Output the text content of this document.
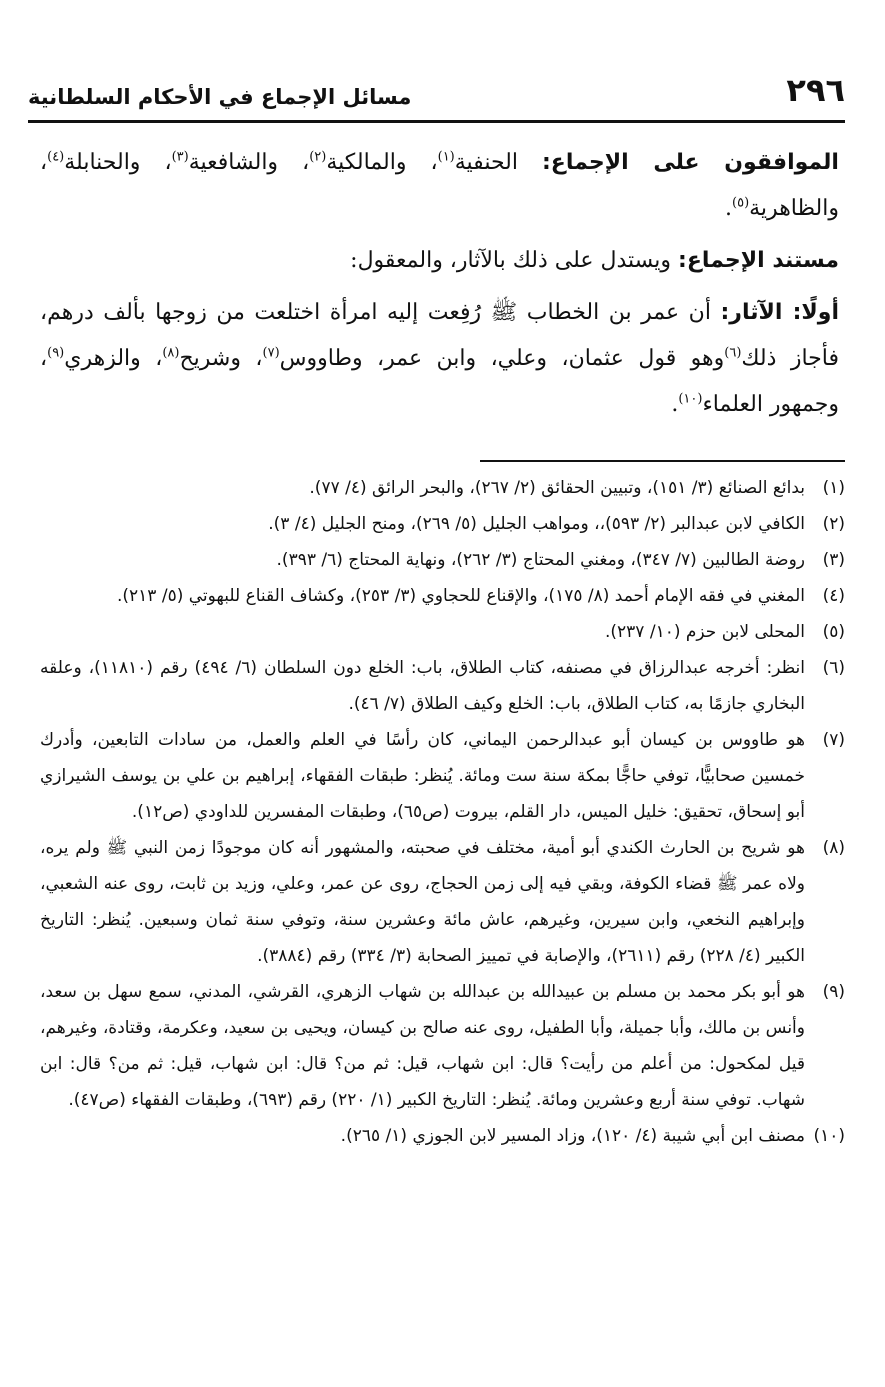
٢٩٦
مسائل الإجماع في الأحكام السلطانية

الموافقون على الإجماع: الحنفية$^{(١)}$، والمالكية$^{(٢)}$، والشافعية$^{(٣)}$، والحنابلة$^{(٤)}$، والظاهرية$^{(٥)}$.

مستند الإجماع: ويستدل على ذلك بالآثار، والمعقول:

أولًا: الآثار: أن عمر بن الخطاب ﷺ رُفِعت إليه امرأة اختلعت من زوجها بألف درهم، فأجاز ذلك$^{(٦)}$وهو قول عثمان، وعلي، وابن عمر، وطاووس$^{(٧)}$، وشريح$^{(٨)}$، والزهري$^{(٩)}$، وجمهور العلماء$^{(١٠)}$.

(١)
بدائع الصنائع (٣/ ١٥١)، وتبيين الحقائق (٢/ ٢٦٧)، والبحر الرائق (٤/ ٧٧).
(٢)
الكافي لابن عبدالبر (٢/ ٥٩٣)،، ومواهب الجليل (٥/ ٢٦٩)، ومنح الجليل (٤/ ٣).
(٣)
روضة الطالبين (٧/ ٣٤٧)، ومغني المحتاج (٣/ ٢٦٢)، ونهاية المحتاج (٦/ ٣٩٣).
(٤)
المغني في فقه الإمام أحمد (٨/ ١٧٥)، والإقناع للحجاوي (٣/ ٢٥٣)، وكشاف القناع للبهوتي (٥/ ٢١٣).
(٥)
المحلى لابن حزم (١٠/ ٢٣٧).
(٦)
انظر: أخرجه عبدالرزاق في مصنفه، كتاب الطلاق، باب: الخلع دون السلطان (٦/ ٤٩٤) رقم (١١٨١٠)، وعلقه البخاري جازمًا به، كتاب الطلاق، باب: الخلع وكيف الطلاق (٧/ ٤٦).
(٧)
هو طاووس بن كيسان أبو عبدالرحمن اليماني، كان رأسًا في العلم والعمل، من سادات التابعين، وأدرك خمسين صحابيًّا، توفي حاجًّا بمكة سنة ست ومائة. يُنظر: طبقات الفقهاء، إبراهيم بن علي بن يوسف الشيرازي أبو إسحاق، تحقيق: خليل الميس، دار القلم، بيروت (ص٦٥)، وطبقات المفسرين للداودي (ص١٢).
(٨)
هو شريح بن الحارث الكندي أبو أمية، مختلف في صحبته، والمشهور أنه كان موجودًا زمن النبي ﷺ ولم يره، ولاه عمر ﷺ قضاء الكوفة، وبقي فيه إلى زمن الحجاج، روى عن عمر، وعلي، وزيد بن ثابت، روى عنه الشعبي، وإبراهيم النخعي، وابن سيرين، وغيرهم، عاش مائة وعشرين سنة، وتوفي سنة ثمان وسبعين. يُنظر: التاريخ الكبير (٤/ ٢٢٨) رقم (٢٦١١)، والإصابة في تمييز الصحابة (٣/ ٣٣٤) رقم (٣٨٨٤).
(٩)
هو أبو بكر محمد بن مسلم بن عبيدالله بن عبدالله بن شهاب الزهري، القرشي، المدني، سمع سهل بن سعد، وأنس بن مالك، وأبا جميلة، وأبا الطفيل، روى عنه صالح بن كيسان، ويحيى بن سعيد، وعكرمة، وقتادة، وغيرهم، قيل لمكحول: من أعلم من رأيت؟ قال: ابن شهاب، قيل: ثم من؟ قال: ابن شهاب، قيل: ثم من؟ قال: ابن شهاب. توفي سنة أربع وعشرين ومائة. يُنظر: التاريخ الكبير (١/ ٢٢٠) رقم (٦٩٣)، وطبقات الفقهاء (ص٤٧).
(١٠)
مصنف ابن أبي شيبة (٤/ ١٢٠)، وزاد المسير لابن الجوزي (١/ ٢٦٥).
